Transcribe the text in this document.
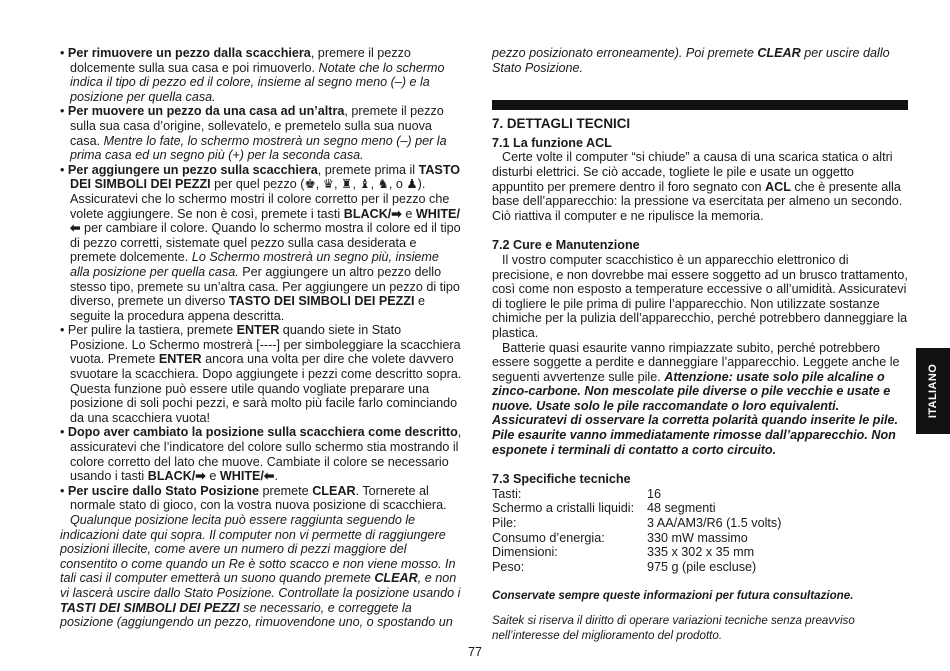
• Per rimuovere un pezzo dalla scacchiera, premere il pezzo dolcemente sulla sua casa e poi rimuoverlo. Notate che lo schermo indica il tipo di pezzo ed il colore, insieme al segno meno (–) e la posizione per quella casa.

• Per muovere un pezzo da una casa ad un’altra, premete il pezzo sulla sua casa d’origine, sollevatelo, e premetelo sulla sua nuova casa. Mentre lo fate, lo schermo mostrerà un segno meno (–) per la prima casa ed un segno più (+) per la seconda casa.

• Per aggiungere un pezzo sulla scacchiera, premete prima il TASTO DEI SIMBOLI DEI PEZZI per quel pezzo (♚, ♛, ♜, ♝, ♞, o ♟). Assicuratevi che lo schermo mostri il colore corretto per il pezzo che volete aggiungere. Se non è così, premete i tasti BLACK/➡ e WHITE/⬅ per cambiare il colore. Quando lo schermo mostra il colore ed il tipo di pezzo corretti, sistemate quel pezzo sulla casa desiderata e premete dolcemente. Lo Schermo mostrerà un segno più, insieme alla posizione per quella casa. Per aggiungere un altro pezzo dello stesso tipo, premete su un’altra casa. Per aggiungere un pezzo di tipo diverso, premete un diverso TASTO DEI SIMBOLI DEI PEZZI e seguite la procedura appena descritta.

• Per pulire la tastiera, premete ENTER quando siete in Stato Posizione. Lo Schermo mostrerà [----] per simboleggiare la scacchiera vuota. Premete ENTER ancora una volta per dire che volete davvero svuotare la scacchiera. Dopo aggiungete i pezzi come descritto sopra. Questa funzione può essere utile quando vogliate preparare una posizione di soli pochi pezzi, e sarà molto più facile farlo cominciando da una scacchiera vuota!

• Dopo aver cambiato la posizione sulla scacchiera come descritto, assicuratevi che l’indicatore del colore sullo schermo stia mostrando il colore corretto del lato che muove. Cambiate il colore se necessario usando i tasti BLACK/➡ e WHITE/⬅.

• Per uscire dallo Stato Posizione premete CLEAR. Tornerete al normale stato di gioco, con la vostra nuova posizione di scacchiera.

Qualunque posizione lecita può essere raggiunta seguendo le indicazioni date qui sopra. Il computer non vi permette di raggiungere posizioni illecite, come avere un numero di pezzi maggiore del consentito o come quando un Re è sotto scacco e non viene mosso. In tali casi il computer emetterà un suono quando premete CLEAR, e non vi lascerà uscire dallo Stato Posizione. Controllate la posizione usando i TASTI DEI SIMBOLI DEI PEZZI se necessario, e correggete la posizione (aggiungendo un pezzo, rimuovendone uno, o spostando un

pezzo posizionato erroneamente). Poi premete CLEAR per uscire dallo Stato Posizione.

7. DETTAGLI TECNICI
7.1 La funzione ACL

Certe volte il computer “si chiude” a causa di una scarica statica o altri disturbi elettrici. Se ciò accade, togliete le pile e usate un oggetto appuntito per premere dentro il foro segnato con ACL che è presente alla base dell’apparecchio: la pressione va esercitata per almeno un secondo. Ciò riattiva il computer e ne ripulisce la memoria.

7.2 Cure e Manutenzione

Il vostro computer scacchistico è un apparecchio elettronico di precisione, e non dovrebbe mai essere soggetto ad un brusco trattamento, così come non esposto a temperature eccessive o all’umidità. Assicuratevi di togliere le pile prima di pulire l’apparecchio. Non utilizzate sostanze chimiche per la pulizia dell’apparecchio, perché potrebbero danneggiare la plastica.

Batterie quasi esaurite vanno rimpiazzate subito, perché potrebbero essere soggette a perdite e danneggiare l’apparecchio. Leggete anche le seguenti avvertenze sulle pile. Attenzione: usate solo pile alcaline o zinco-carbone. Non mescolate pile diverse o pile vecchie e usate e nuove. Usate solo le pile raccomandate o loro equivalenti. Assicuratevi di osservare la corretta polarità quando inserite le pile. Pile esaurite vanno immediatamente rimosse dall’apparecchio. Non esponete i terminali di contatto a corto circuito.

7.3 Specifiche tecniche
Tasti:	16
Schermo a cristalli liquidi:	48 segmenti
Pile:	3 AA/AM3/R6 (1.5 volts)
Consumo d’energia:	330 mW massimo
Dimensioni:	335 x 302 x 35 mm
Peso:	975 g (pile escluse)

Conservate sempre queste informazioni per futura consultazione.

Saitek si riserva il diritto di operare variazioni tecniche senza preavviso nell’interesse del miglioramento del prodotto.

ITALIANO
77
